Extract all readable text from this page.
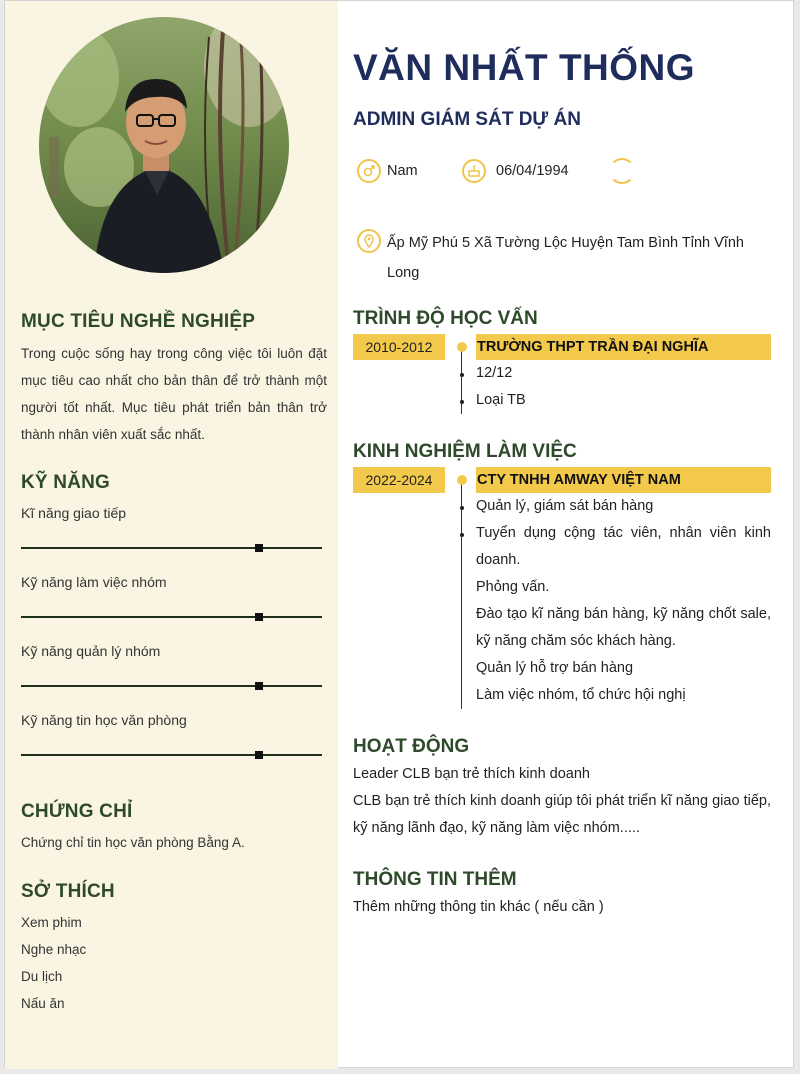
MỤC TIÊU NGHỀ NGHIỆP

Trong cuộc sống hay trong công việc tôi luôn đặt mục tiêu cao nhất cho bản thân để trở thành một người tốt nhất. Mục tiêu phát triển bản thân trở thành nhân viên xuất sắc nhất.

KỸ NĂNG
Kĩ năng giao tiếp
Kỹ năng làm việc nhóm
Kỹ năng quản lý nhóm
Kỹ năng tin học văn phòng
CHỨNG CHỈ
Chứng chỉ tin học văn phòng Bằng A.
SỞ THÍCH
Xem phim
Nghe nhạc
Du lịch
Nấu ăn
VĂN NHẤT THỐNG
ADMIN GIÁM SÁT DỰ ÁN
Nam	06/04/1994
Ấp Mỹ Phú 5 Xã Tường Lộc Huyện Tam Bình Tỉnh Vĩnh Long
TRÌNH ĐỘ HỌC VẤN
2010-2012	TRƯỜNG THPT TRẦN ĐẠI NGHĨA
12/12
Loại TB
KINH NGHIỆM LÀM VIỆC
2022-2024	CTY TNHH AMWAY VIỆT NAM
Quản lý, giám sát bán hàng
Tuyển dụng cộng tác viên, nhân viên kinh doanh.
Phỏng vấn.
Đào tạo kĩ năng bán hàng, kỹ năng chốt sale, kỹ năng chăm sóc khách hàng.
Quản lý hỗ trợ bán hàng
Làm việc nhóm, tổ chức hội nghị
HOẠT ĐỘNG
Leader CLB bạn trẻ thích kinh doanh
CLB bạn trẻ thích kinh doanh giúp tôi phát triển kĩ năng giao tiếp, kỹ năng lãnh đạo, kỹ năng làm việc nhóm.....
THÔNG TIN THÊM
Thêm những thông tin khác ( nếu cần )
